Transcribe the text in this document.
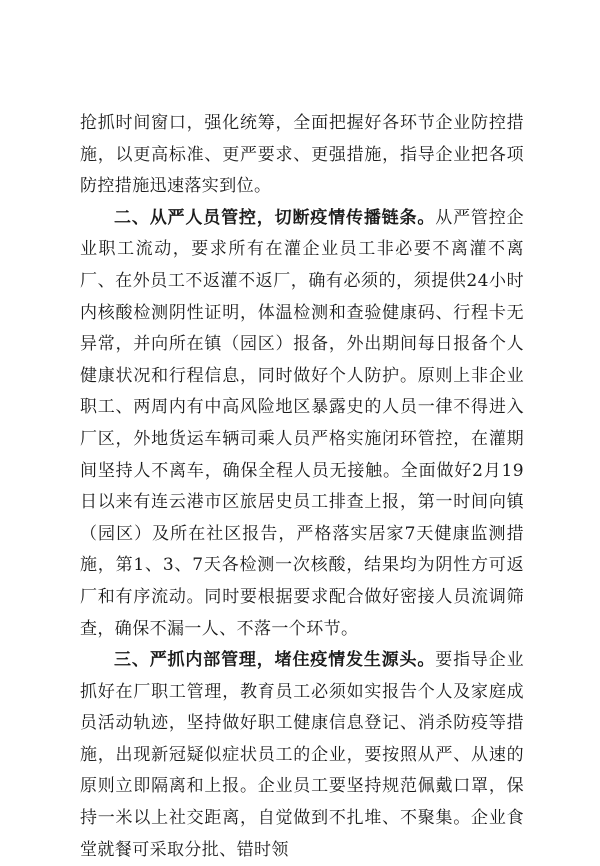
抢抓时间窗口，强化统筹，全面把握好各环节企业防控措施，以更高标准、更严要求、更强措施，指导企业把各项防控措施迅速落实到位。

二、从严人员管控，切断疫情传播链条。从严管控企业职工流动，要求所有在灌企业员工非必要不离灌不离厂、在外员工不返灌不返厂，确有必须的，须提供24小时内核酸检测阴性证明，体温检测和查验健康码、行程卡无异常，并向所在镇（园区）报备，外出期间每日报备个人健康状况和行程信息，同时做好个人防护。原则上非企业职工、两周内有中高风险地区暴露史的人员一律不得进入厂区，外地货运车辆司乘人员严格实施闭环管控，在灌期间坚持人不离车，确保全程人员无接触。全面做好2月19日以来有连云港市区旅居史员工排查上报，第一时间向镇（园区）及所在社区报告，严格落实居家7天健康监测措施，第1、3、7天各检测一次核酸，结果均为阴性方可返厂和有序流动。同时要根据要求配合做好密接人员流调筛查，确保不漏一人、不落一个环节。

三、严抓内部管理，堵住疫情发生源头。要指导企业抓好在厂职工管理，教育员工必须如实报告个人及家庭成员活动轨迹，坚持做好职工健康信息登记、消杀防疫等措施，出现新冠疑似症状员工的企业，要按照从严、从速的原则立即隔离和上报。企业员工要坚持规范佩戴口罩，保持一米以上社交距离，自觉做到不扎堆、不聚集。企业食堂就餐可采取分批、错时领
